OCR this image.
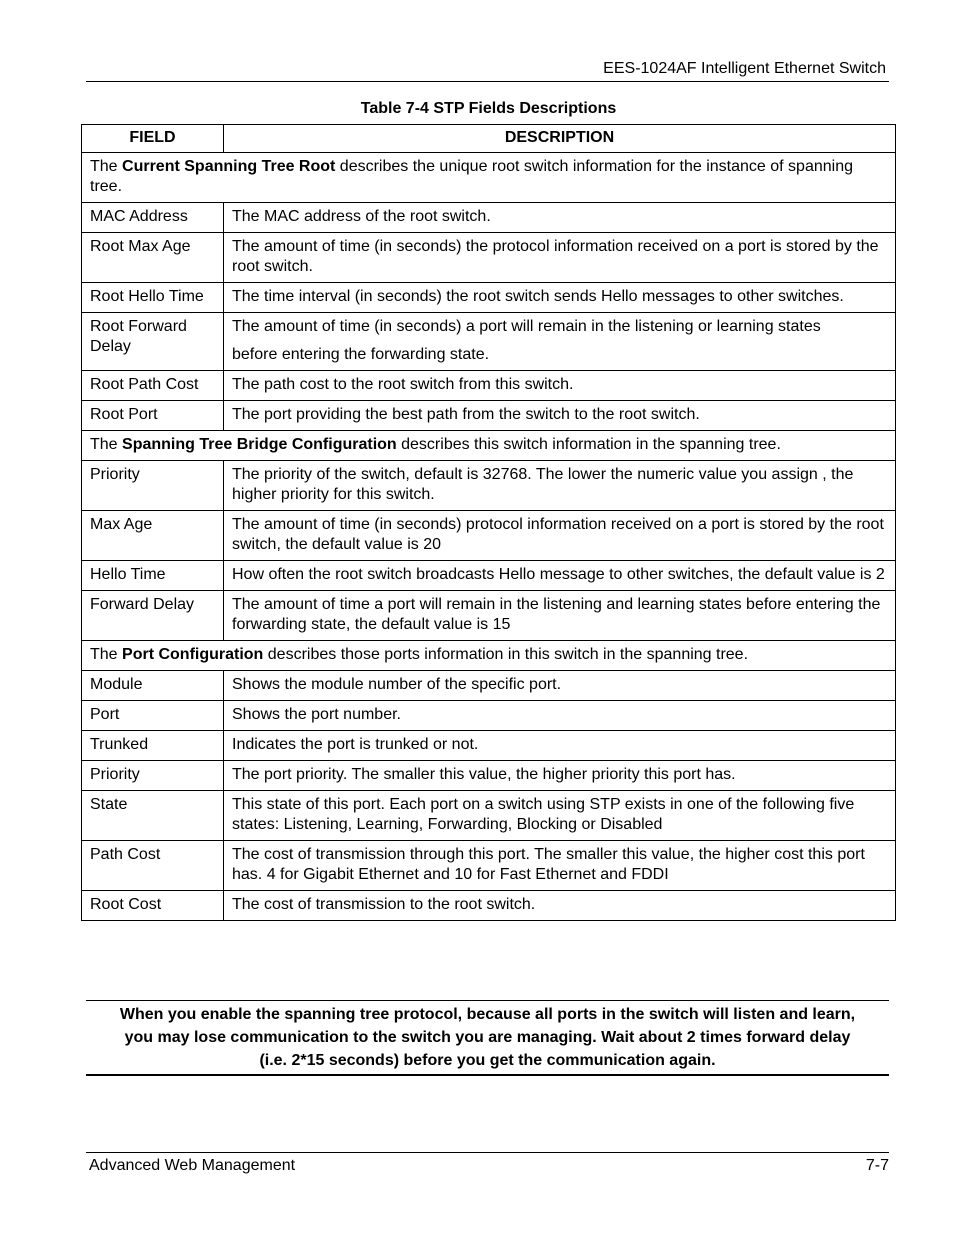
EES-1024AF Intelligent Ethernet Switch
Table 7-4 STP Fields Descriptions
FIELD	DESCRIPTION
The Current Spanning Tree Root describes the unique root switch information for the instance of spanning tree.	
MAC Address	The MAC address of the root switch.
Root Max Age	The amount of time (in seconds) the protocol information received on a port is stored by the root switch.
Root Hello Time	The time interval (in seconds) the root switch sends Hello messages to other switches.
Root Forward Delay	The amount of time (in seconds) a port will remain in the listening or learning states
before entering the forwarding state.

Root Path Cost	The path cost to the root switch from this switch.
Root Port	The port providing the best path from the switch to the root switch.
The Spanning Tree Bridge Configuration describes this switch information in the spanning tree.	
Priority	The priority of the switch, default is 32768. The lower the numeric value you assign , the higher priority for this switch.
Max Age	The amount of time (in seconds) protocol information received on a port is stored by the root switch, the default value is 20
Hello Time	How often the root switch broadcasts Hello message to other switches, the default value is 2
Forward Delay	The amount of time a port will remain in the listening and learning states before entering the forwarding state, the default value is 15
The Port Configuration describes those ports information in this switch in the spanning tree.	
Module	Shows the module number of the specific port.
Port	Shows the port number.
Trunked	Indicates the port is trunked or not.
Priority	The port priority. The smaller this value, the higher priority this port has.
State	This state of this port. Each port on a switch using STP exists in one of the following five states: Listening, Learning, Forwarding, Blocking or Disabled
Path Cost	The cost of transmission through this port. The smaller this value, the higher cost this port has. 4 for Gigabit Ethernet and 10 for Fast Ethernet and FDDI
Root Cost	The cost of transmission to the root switch.
When you enable the spanning tree protocol, because all ports in the switch will listen and learn,
you may lose communication to the switch you are managing. Wait about 2 times forward delay
(i.e. 2*15 seconds) before you get the communication again.
Advanced Web Management	7-7
